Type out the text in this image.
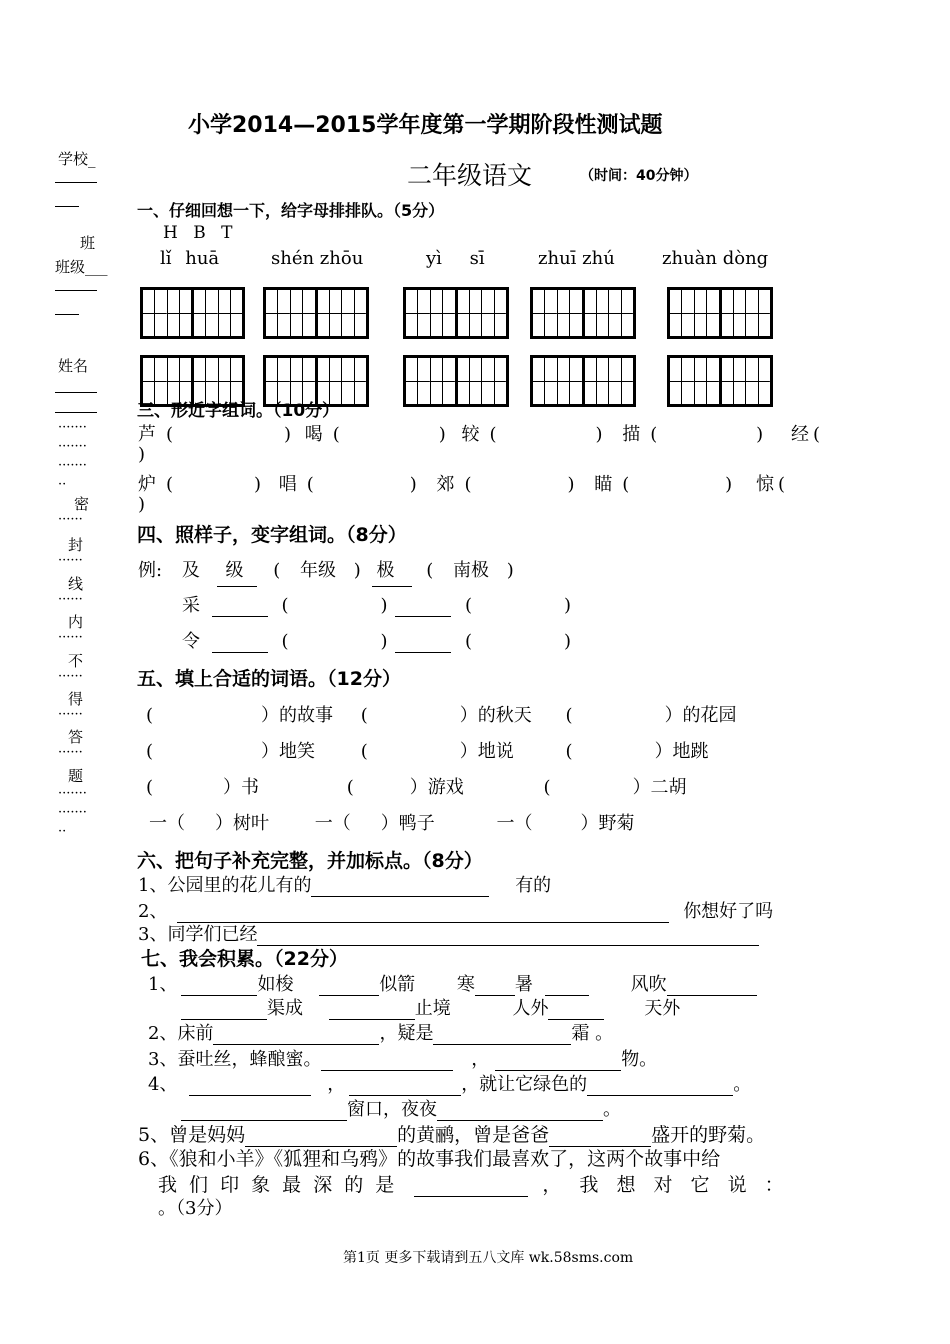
小学2014—2015学年度第一学期阶段性测试题
二年级语文	（时间：40分钟）
学校_
班
班级___
姓名
·······
·······
·······
··
密
······
封
······
线
······
内
······
不
······
得
······
答
······
题
·······
·······
··
一、仔细回想一下，给字母排排队。（5分）
H B T
lǐ huā	shén zhōu	yì sī	zhuī zhú	zhuàn dòng
三、形近字组词。（10分）
芦 (	) 喝 (	) 较 (	) 描 (	) 经 (
)
炉 (	) 唱 (	) 郊 (	) 瞄 (	) 惊 (
)
四、照样子，变字组词。（8分）
例: 及 级 ( 年级 ) 极 ( 南极 )
采	(	)	(	)
令	(	)	(	)
五、填上合适的词语。（12分）
(	）的故事 (	）的秋天 (	）的花园
(	）地笑	(	）地说	(	）地跳
(	）书	(	）游戏	(	）二胡
一（ ）树叶	一（ ）鸭子	一（	）野菊
六、把句子补充完整，并加标点。（8分）
1、公园里的花儿有的	有的
2、	你想好了吗
3、同学们已经
七、我会积累。（22分）
1、	如梭	似箭 寒 暑	风吹
渠成	止境	人外	天外
2、床前	，疑是	霜 。
3、蚕吐丝，蜂酿蜜。	，	物。
4、	，	，就让它绿色的	。
窗口，夜夜	。
5、曾是妈妈	的黄鹂，曾是爸爸	盛开的野菊。
6、《狼和小羊》《狐狸和乌鸦》的故事我们最喜欢了，这两个故事中给
我 们 印 象 最 深 的 是	， 我 想 对 它 说 ：
。（3分）
第1页 更多下载请到五八文库 wk.58sms.com
